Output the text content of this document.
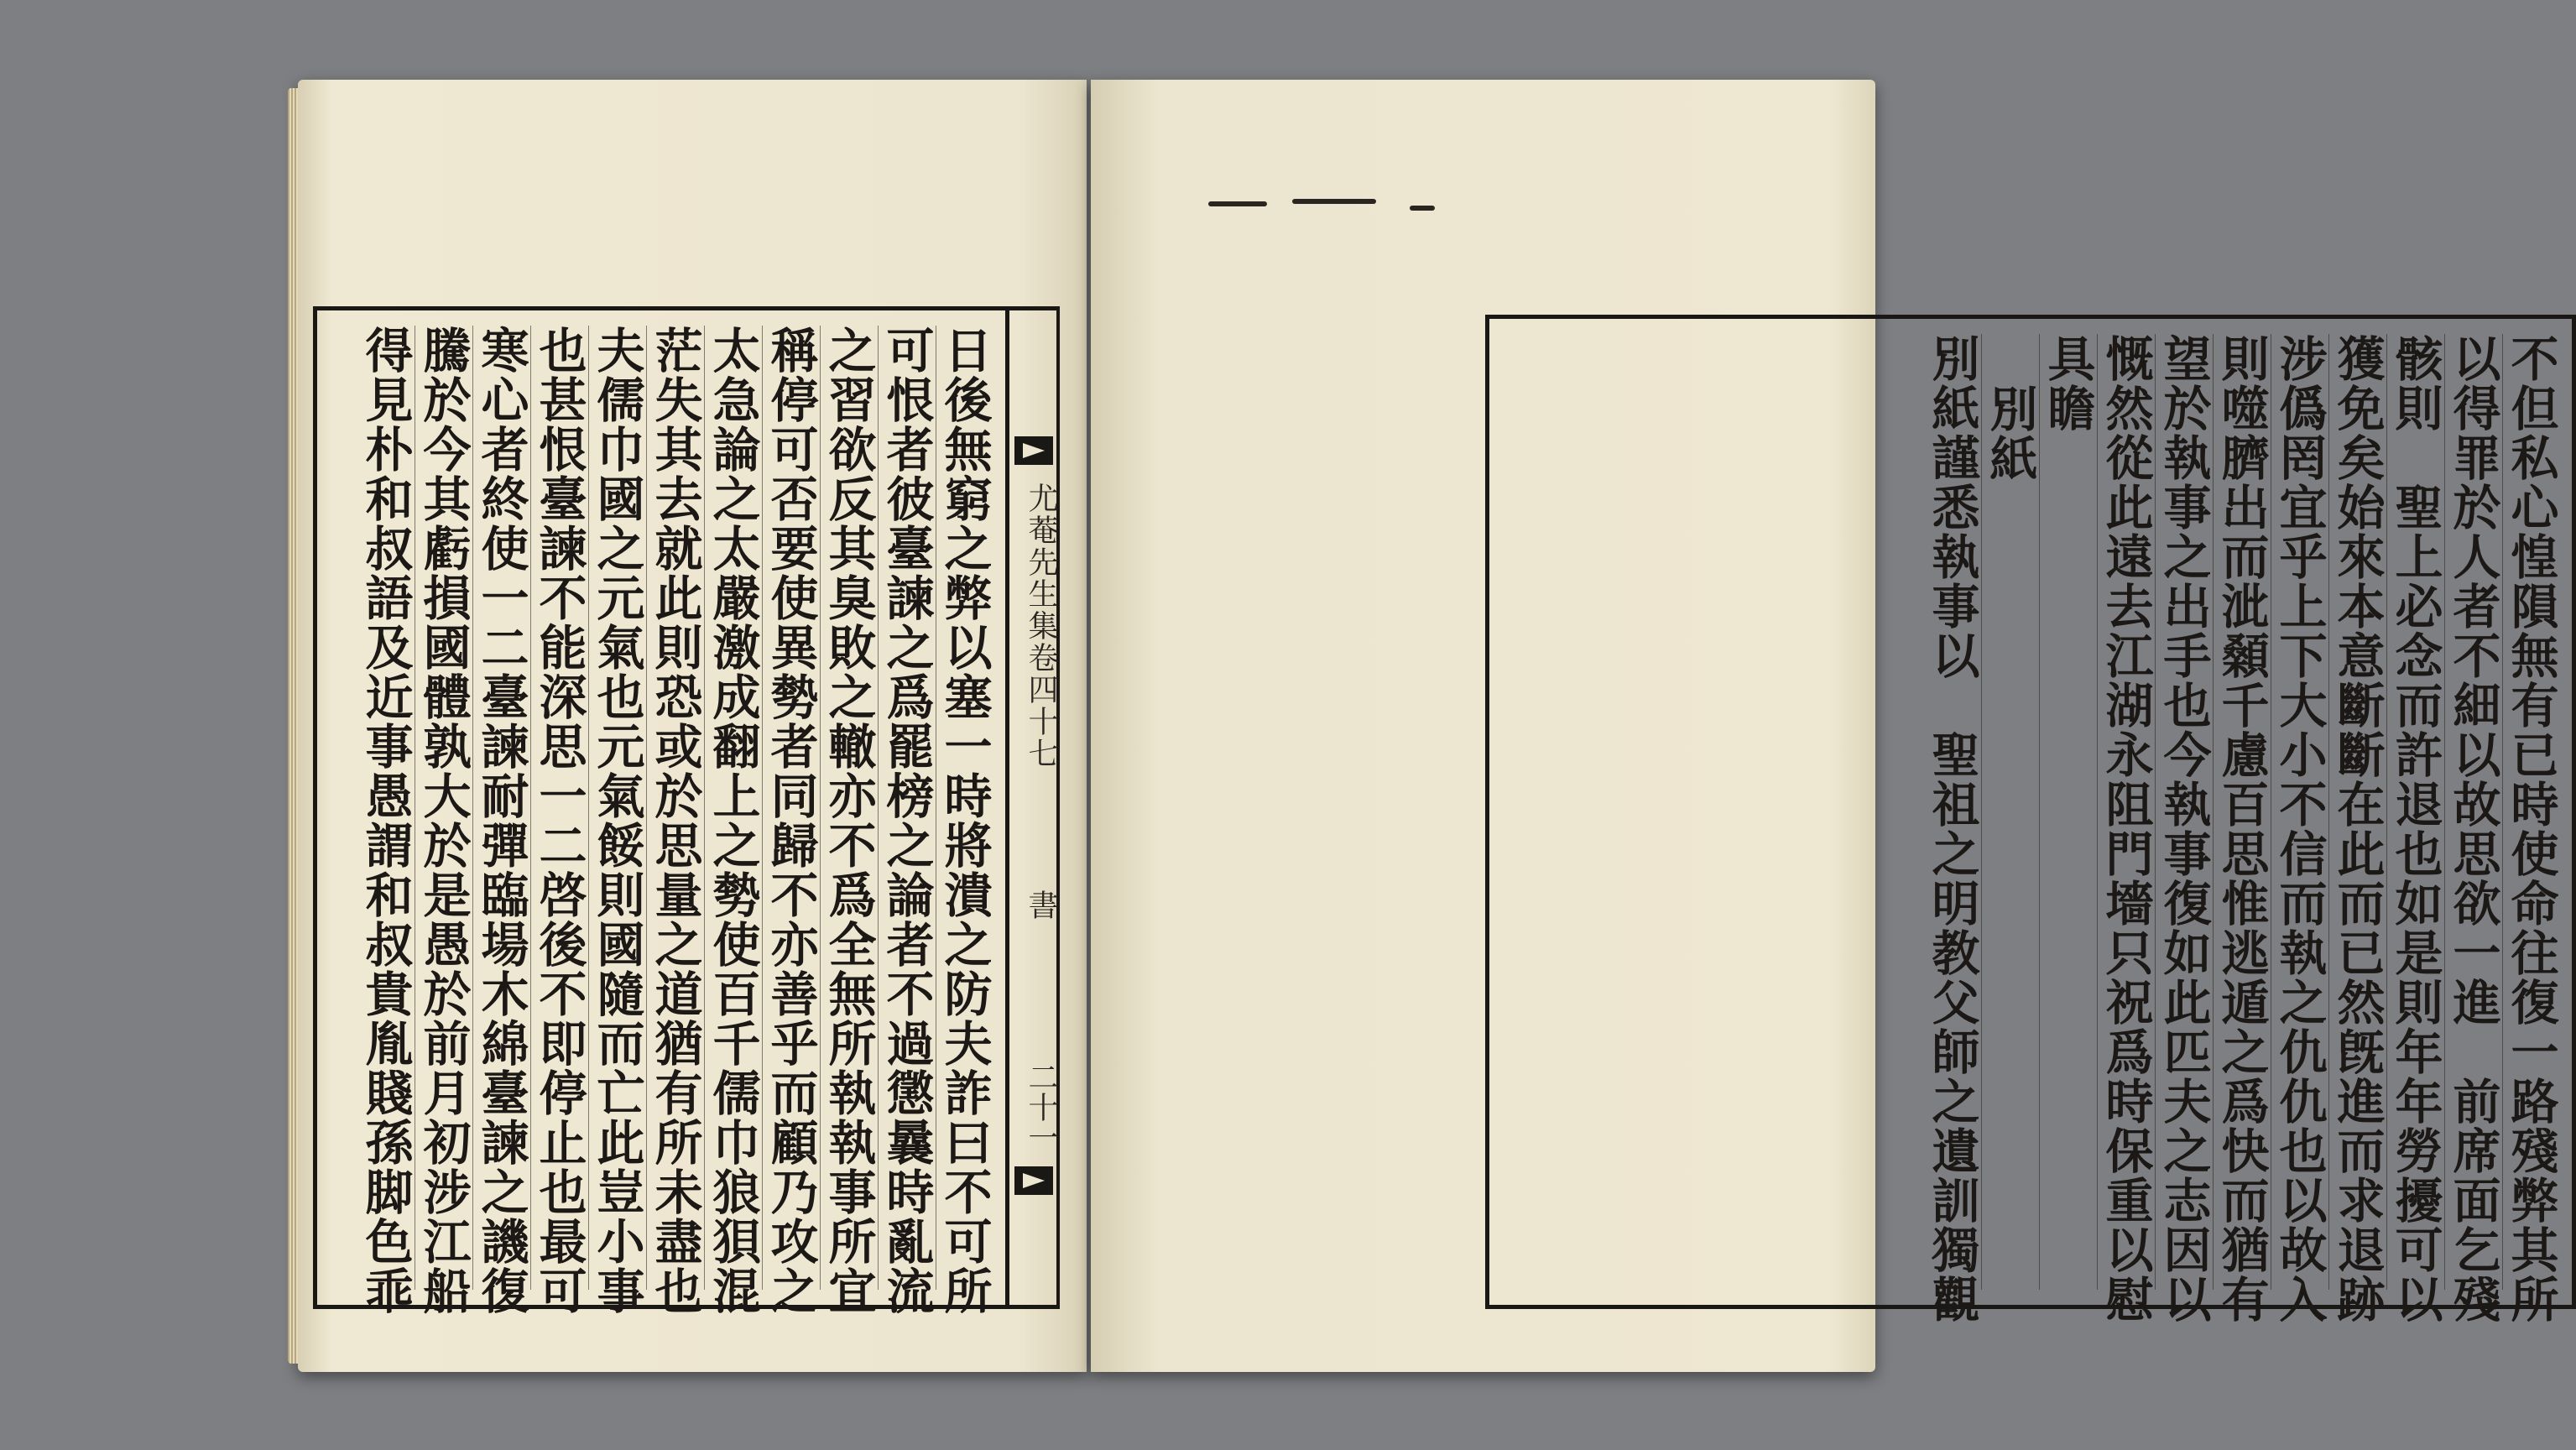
日後無窮之弊以塞一時將潰之防夫詐曰不可所
可恨者彼臺諫之爲罷榜之論者不過懲曩時亂流
之習欲反其臭敗之轍亦不爲全無所執執事所宜
稱停可否要使異勢者同歸不亦善乎而顧乃攻之
太急論之太嚴激成翻上之勢使百千儒巾狼狽混
茫失其去就此則恐或於思量之道猶有所未盡也
夫儒巾國之元氣也元氣餒則國隨而亡此豈小事
也甚恨臺諫不能深思一二啓後不即停止也最可
寒心者終使一二臺諫耐彈臨場木綿臺諫之譏復
騰於今其虧損國體孰大於是愚於前月初涉江船
得見朴和叔語及近事愚謂和叔貴胤賤孫脚色乖	尤菴先生集卷四十七
書
二十一	不但私心惶隕無有已時使命往復一路殘弊其所
以得罪於人者不細以故思欲一進　前席面乞殘
骸則　聖上必念而許退也如是則年年勞擾可以
獲免矣始來本意斷斷在此而已然旣進而求退跡
涉僞罔宜乎上下大小不信而執之仇仇也以故入
則噬臍出而泚顙千慮百思惟逃遁之爲快而猶有
望於執事之出手也今執事復如此匹夫之志因以
慨然從此遠去江湖永阻門墻只祝爲時保重以慰
具瞻
別紙
別紙謹悉執事以　聖祖之明教父師之遺訓獨觀
